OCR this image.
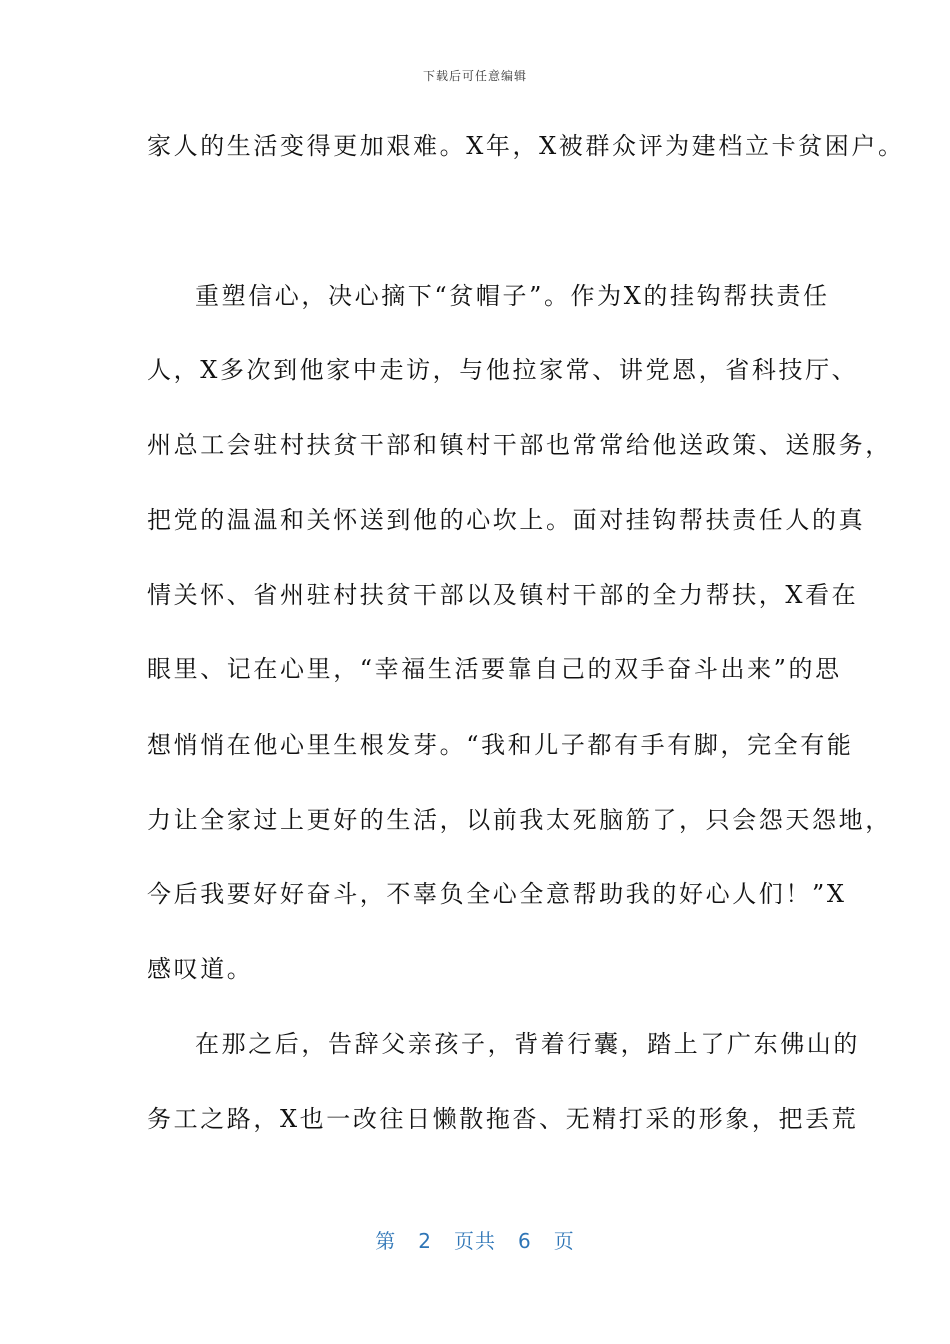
下载后可任意编辑
家人的生活变得更加艰难。X年，X被群众评为建档立卡贫困户。
重塑信心，决心摘下“贫帽子”。作为X的挂钩帮扶责任
人，X多次到他家中走访，与他拉家常、讲党恩，省科技厅、
州总工会驻村扶贫干部和镇村干部也常常给他送政策、送服务，
把党的温温和关怀送到他的心坎上。面对挂钩帮扶责任人的真
情关怀、省州驻村扶贫干部以及镇村干部的全力帮扶，X看在
眼里、记在心里，“幸福生活要靠自己的双手奋斗出来”的思
想悄悄在他心里生根发芽。“我和儿子都有手有脚，完全有能
力让全家过上更好的生活，以前我太死脑筋了，只会怨天怨地，
今后我要好好奋斗，不辜负全心全意帮助我的好心人们！”X
感叹道。
在那之后，告辞父亲孩子，背着行囊，踏上了广东佛山的
务工之路，X也一改往日懒散拖沓、无精打采的形象，把丢荒
第 2 页共 6 页
